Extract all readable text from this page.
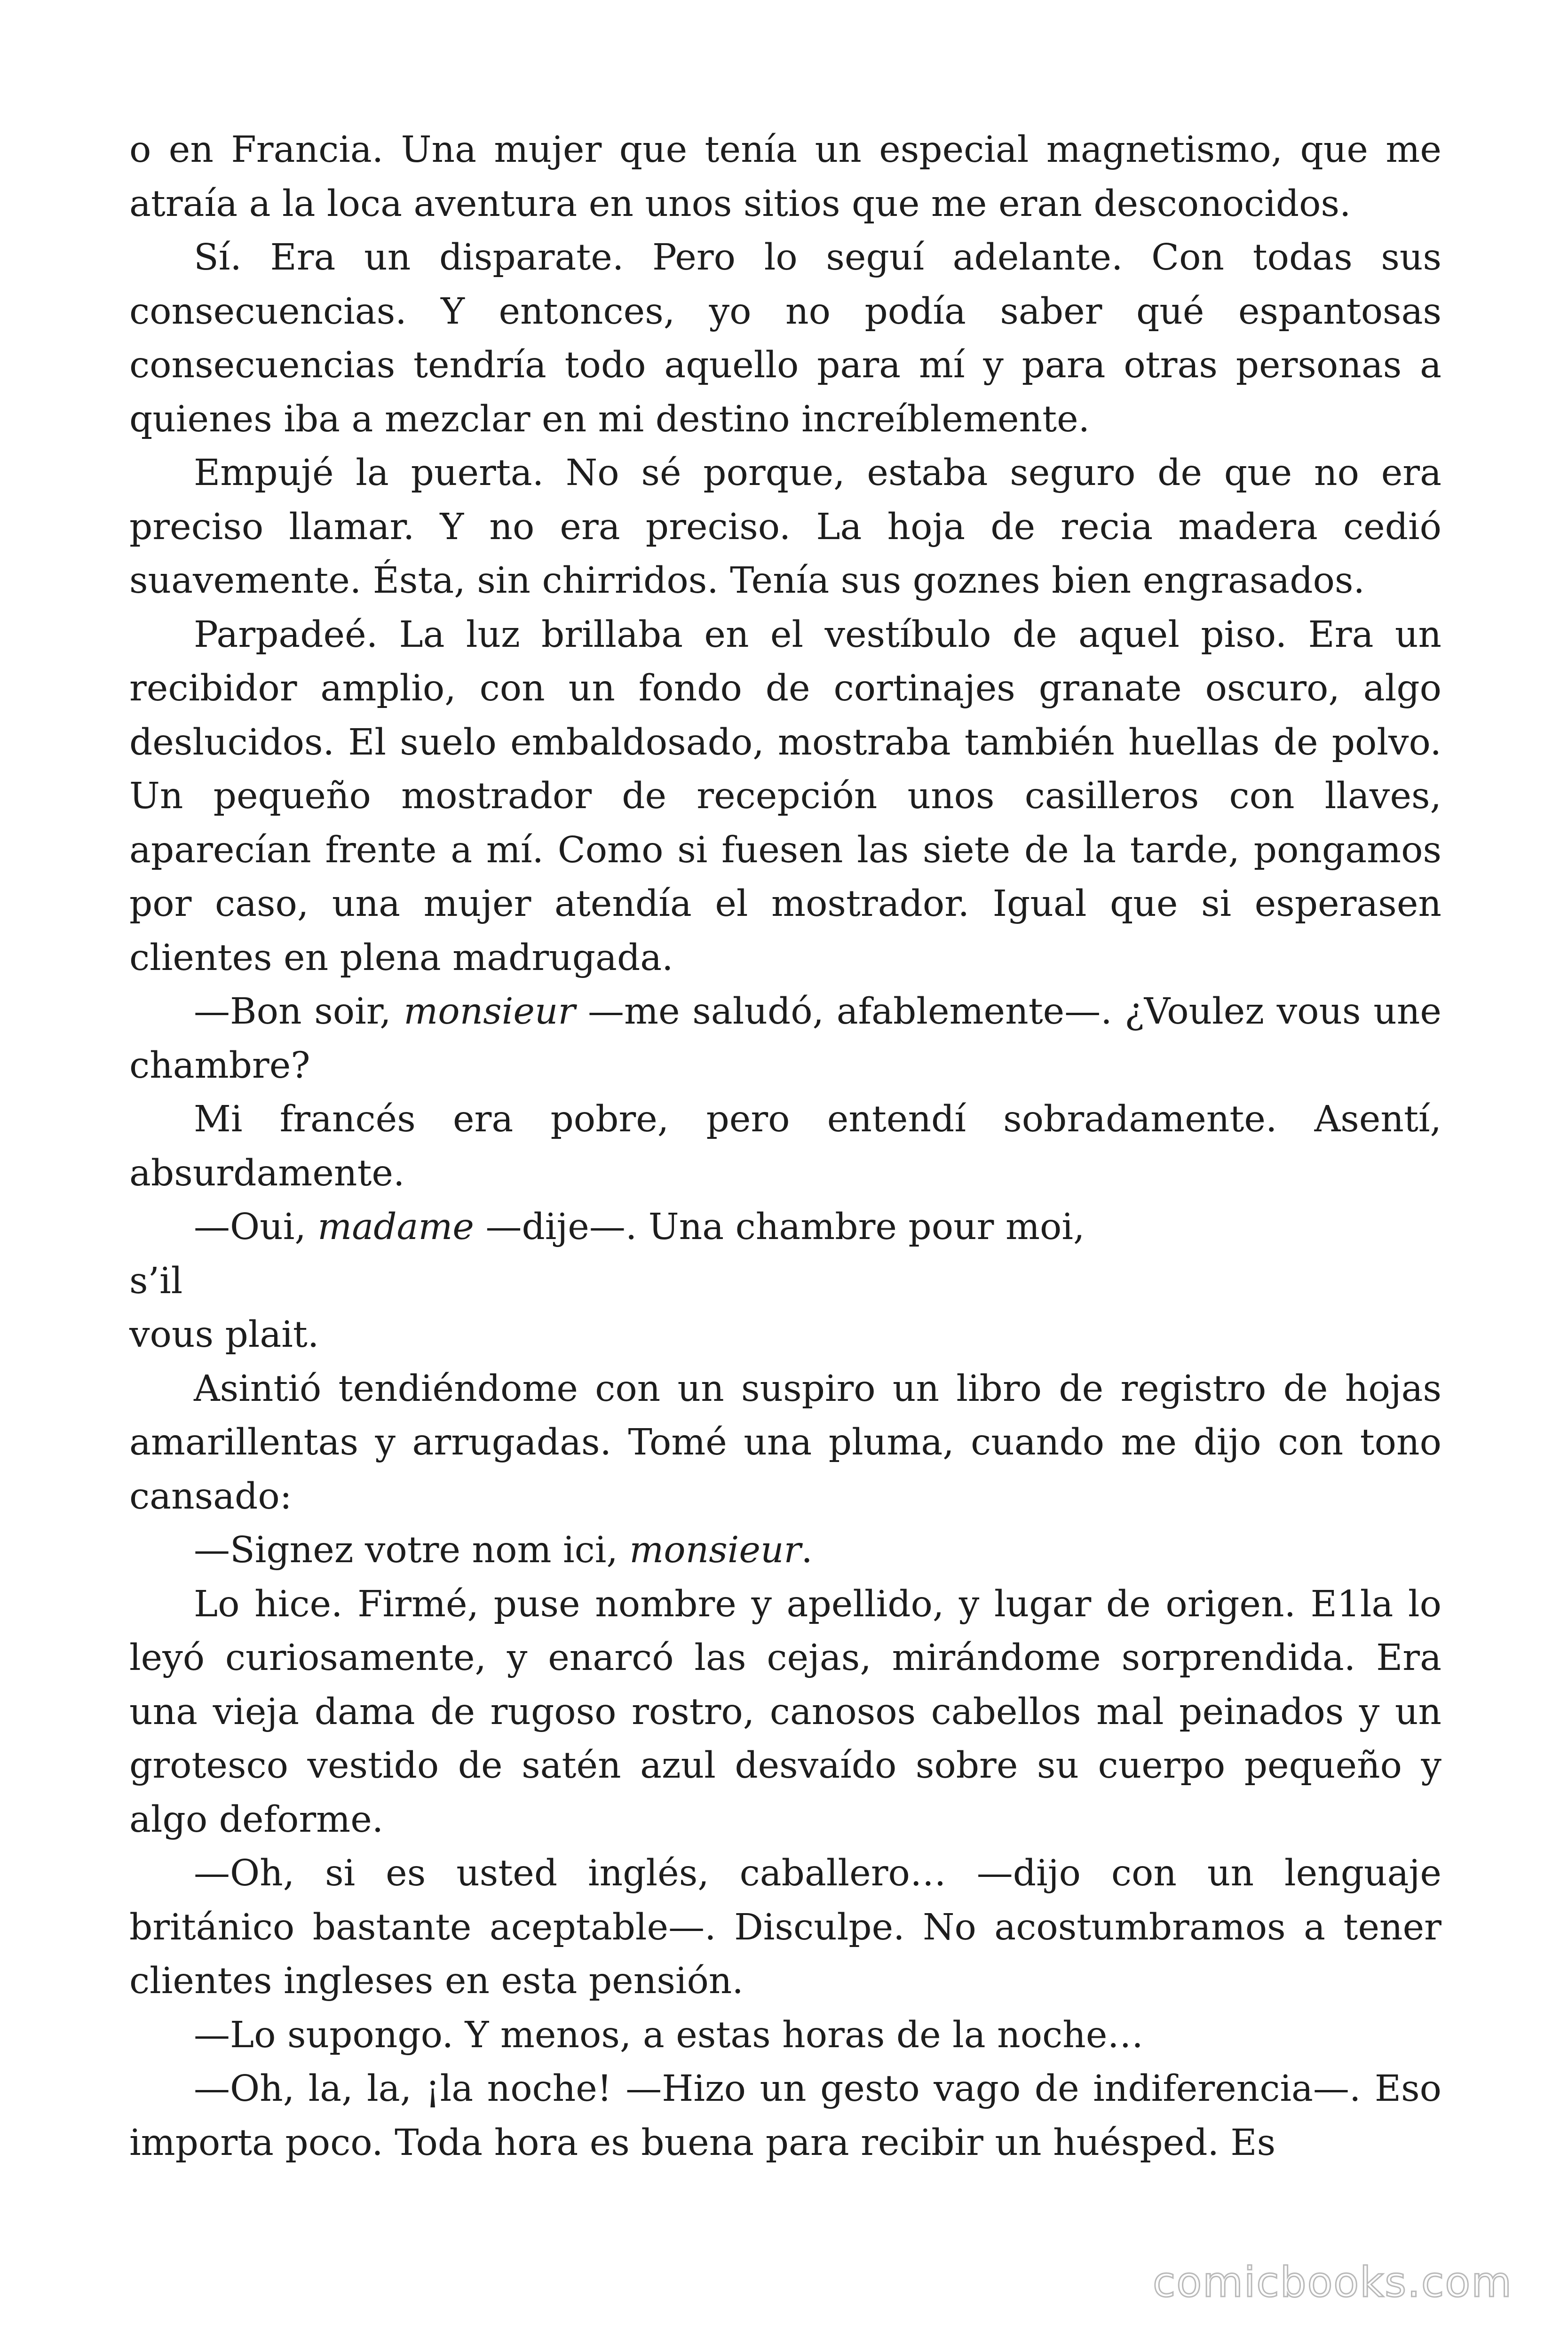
o en Francia. Una mujer que tenía un especial magnetismo, que me atraía a la loca aventura en unos sitios que me eran desconocidos.

Sí. Era un disparate. Pero lo seguí adelante. Con todas sus consecuencias. Y entonces, yo no podía saber qué espantosas consecuencias tendría todo aquello para mí y para otras personas a quienes iba a mezclar en mi destino increíblemente.

Empujé la puerta. No sé porque, estaba seguro de que no era preciso llamar. Y no era preciso. La hoja de recia madera cedió suavemente. Ésta, sin chirridos. Tenía sus goznes bien engrasados.

Parpadeé. La luz brillaba en el vestíbulo de aquel piso. Era un recibidor amplio, con un fondo de cortinajes granate oscuro, algo deslucidos. El suelo embaldosado, mostraba también huellas de polvo. Un pequeño mostrador de recepción unos casilleros con llaves, aparecían frente a mí. Como si fuesen las siete de la tarde, pongamos por caso, una mujer atendía el mostrador. Igual que si esperasen clientes en plena madrugada.

—Bon soir, monsieur —me saludó, afablemente—. ¿Voulez vous une chambre?

Mi francés era pobre, pero entendí sobradamente. Asentí, absurdamente.

—Oui, madame —dije—. Una chambre pour moi,

s’il

vous plait.

Asintió tendiéndome con un suspiro un libro de registro de hojas amarillentas y arrugadas. Tomé una pluma, cuando me dijo con tono cansado:

—Signez votre nom ici, monsieur.

Lo hice. Firmé, puse nombre y apellido, y lugar de origen. E1la lo leyó curiosamente, y enarcó las cejas, mirándome sorprendida. Era una vieja dama de rugoso rostro, canosos cabellos mal peinados y un grotesco vestido de satén azul desvaído sobre su cuerpo pequeño y algo deforme.

—Oh, si es usted inglés, caballero… —dijo con un lenguaje británico bastante aceptable—. Disculpe. No acostumbramos a tener clientes ingleses en esta pensión.

—Lo supongo. Y menos, a estas horas de la noche…

—Oh, la, la, ¡la noche! —Hizo un gesto vago de indiferencia—. Eso importa poco. Toda hora es buena para recibir un huésped. Es

comicbooks.com
